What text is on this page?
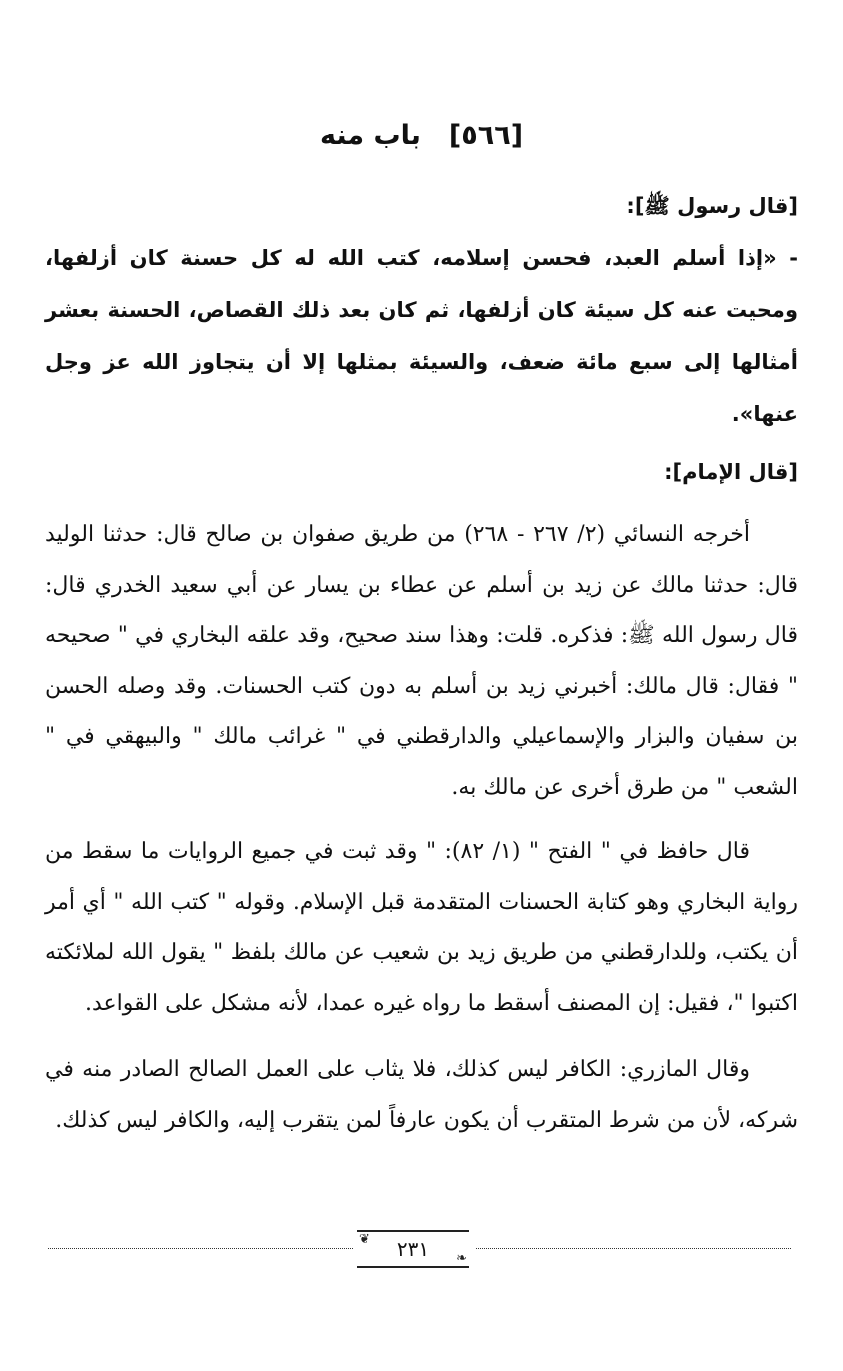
[٥٦٦]باب منه

[قال رسول ﷺ]:

- «إذا أسلم العبد، فحسن إسلامه، كتب الله له كل حسنة كان أزلفها، ومحيت عنه كل سيئة كان أزلفها، ثم كان بعد ذلك القصاص، الحسنة بعشر أمثالها إلى سبع مائة ضعف، والسيئة بمثلها إلا أن يتجاوز الله عز وجل عنها».

[قال الإمام]:

أخرجه النسائي (٢/ ٢٦٧ - ٢٦٨) من طريق صفوان بن صالح قال: حدثنا الوليد قال: حدثنا مالك عن زيد بن أسلم عن عطاء بن يسار عن أبي سعيد الخدري قال: قال رسول الله ﷺ: فذكره. قلت: وهذا سند صحيح، وقد علقه البخاري في " صحيحه " فقال: قال مالك: أخبرني زيد بن أسلم به دون كتب الحسنات. وقد وصله الحسن بن سفيان والبزار والإسماعيلي والدارقطني في " غرائب مالك " والبيهقي في " الشعب " من طرق أخرى عن مالك به.

قال حافظ في " الفتح " (١/ ٨٢): " وقد ثبت في جميع الروايات ما سقط من رواية البخاري وهو كتابة الحسنات المتقدمة قبل الإسلام. وقوله " كتب الله " أي أمر أن يكتب، وللدارقطني من طريق زيد بن شعيب عن مالك بلفظ " يقول الله لملائكته اكتبوا "، فقيل: إن المصنف أسقط ما رواه غيره عمدا، لأنه مشكل على القواعد.

وقال المازري: الكافر ليس كذلك، فلا يثاب على العمل الصالح الصادر منه في شركه، لأن من شرط المتقرب أن يكون عارفاً لمن يتقرب إليه، والكافر ليس كذلك.

❦	٢٣١	❧
